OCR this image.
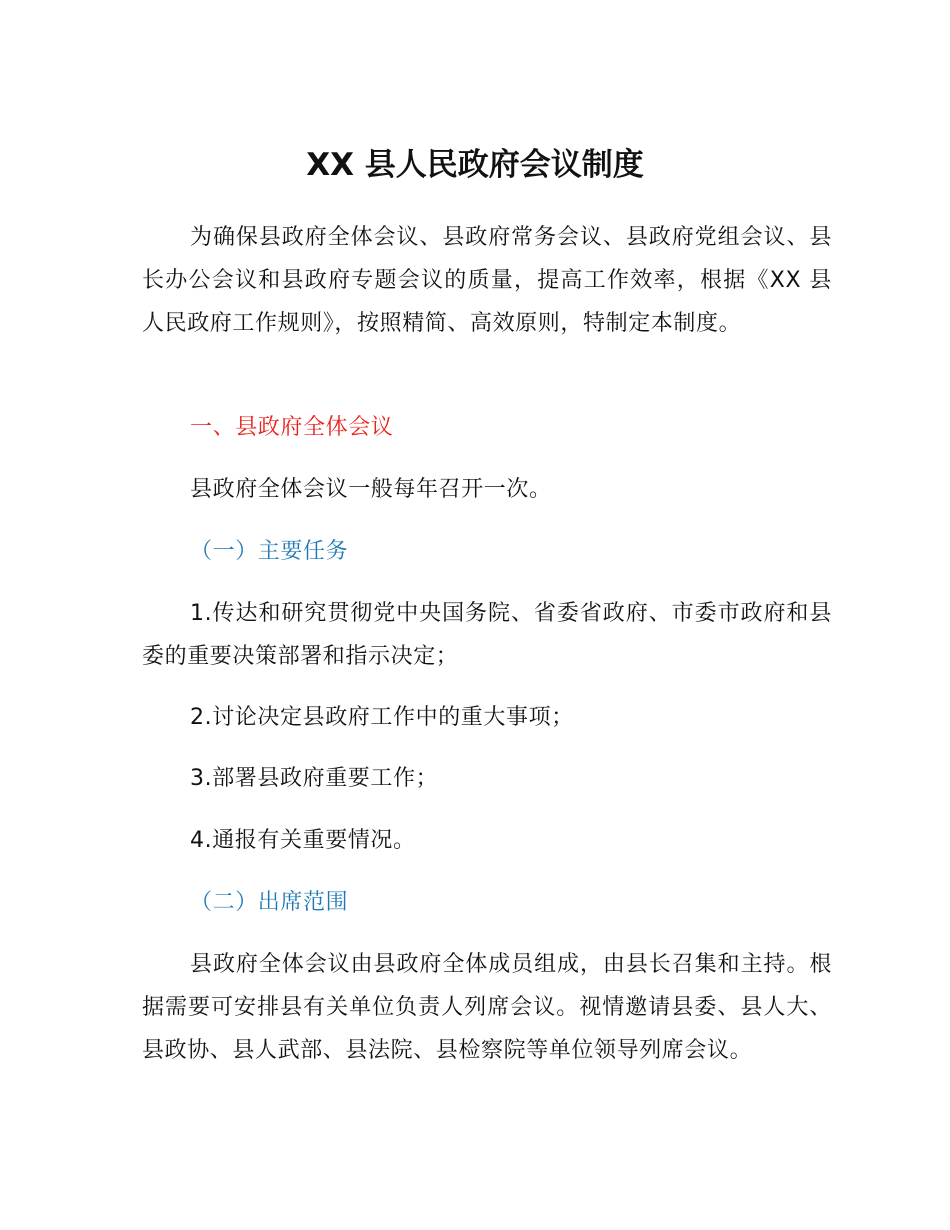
XX 县人民政府会议制度

为确保县政府全体会议、县政府常务会议、县政府党组会议、县长办公会议和县政府专题会议的质量，提高工作效率，根据《XX 县人民政府工作规则》，按照精简、高效原则，特制定本制度。

一、县政府全体会议

县政府全体会议一般每年召开一次。

（一）主要任务

1.传达和研究贯彻党中央国务院、省委省政府、市委市政府和县委的重要决策部署和指示决定；

2.讨论决定县政府工作中的重大事项；

3.部署县政府重要工作；

4.通报有关重要情况。

（二）出席范围

县政府全体会议由县政府全体成员组成，由县长召集和主持。根据需要可安排县有关单位负责人列席会议。视情邀请县委、县人大、县政协、县人武部、县法院、县检察院等单位领导列席会议。
